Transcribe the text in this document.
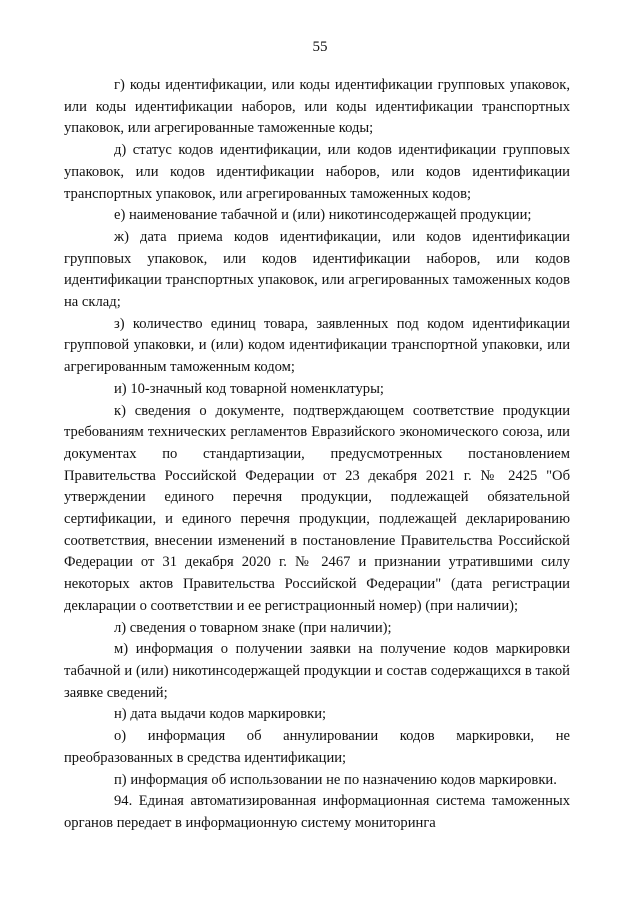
55

г) коды идентификации, или коды идентификации групповых упаковок, или коды идентификации наборов, или коды идентификации транспортных упаковок, или агрегированные таможенные коды;

д) статус кодов идентификации, или кодов идентификации групповых упаковок, или кодов идентификации наборов, или кодов идентификации транспортных упаковок, или агрегированных таможенных кодов;

е) наименование табачной и (или) никотинсодержащей продукции;

ж) дата приема кодов идентификации, или кодов идентификации групповых упаковок, или кодов идентификации наборов, или кодов идентификации транспортных упаковок, или агрегированных таможенных кодов на склад;

з) количество единиц товара, заявленных под кодом идентификации групповой упаковки, и (или) кодом идентификации транспортной упаковки, или агрегированным таможенным кодом;

и) 10-значный код товарной номенклатуры;

к) сведения о документе, подтверждающем соответствие продукции требованиям технических регламентов Евразийского экономического союза, или документах по стандартизации, предусмотренных постановлением Правительства Российской Федерации от 23 декабря 2021 г. № 2425 "Об утверждении единого перечня продукции, подлежащей обязательной сертификации, и единого перечня продукции, подлежащей декларированию соответствия, внесении изменений в постановление Правительства Российской Федерации от 31 декабря 2020 г. № 2467 и признании утратившими силу некоторых актов Правительства Российской Федерации" (дата регистрации декларации о соответствии и ее регистрационный номер) (при наличии);

л) сведения о товарном знаке (при наличии);

м) информация о получении заявки на получение кодов маркировки табачной и (или) никотинсодержащей продукции и состав содержащихся в такой заявке сведений;

н) дата выдачи кодов маркировки;

о) информация об аннулировании кодов маркировки, не преобразованных в средства идентификации;

п) информация об использовании не по назначению кодов маркировки.

94. Единая автоматизированная информационная система таможенных органов передает в информационную систему мониторинга
